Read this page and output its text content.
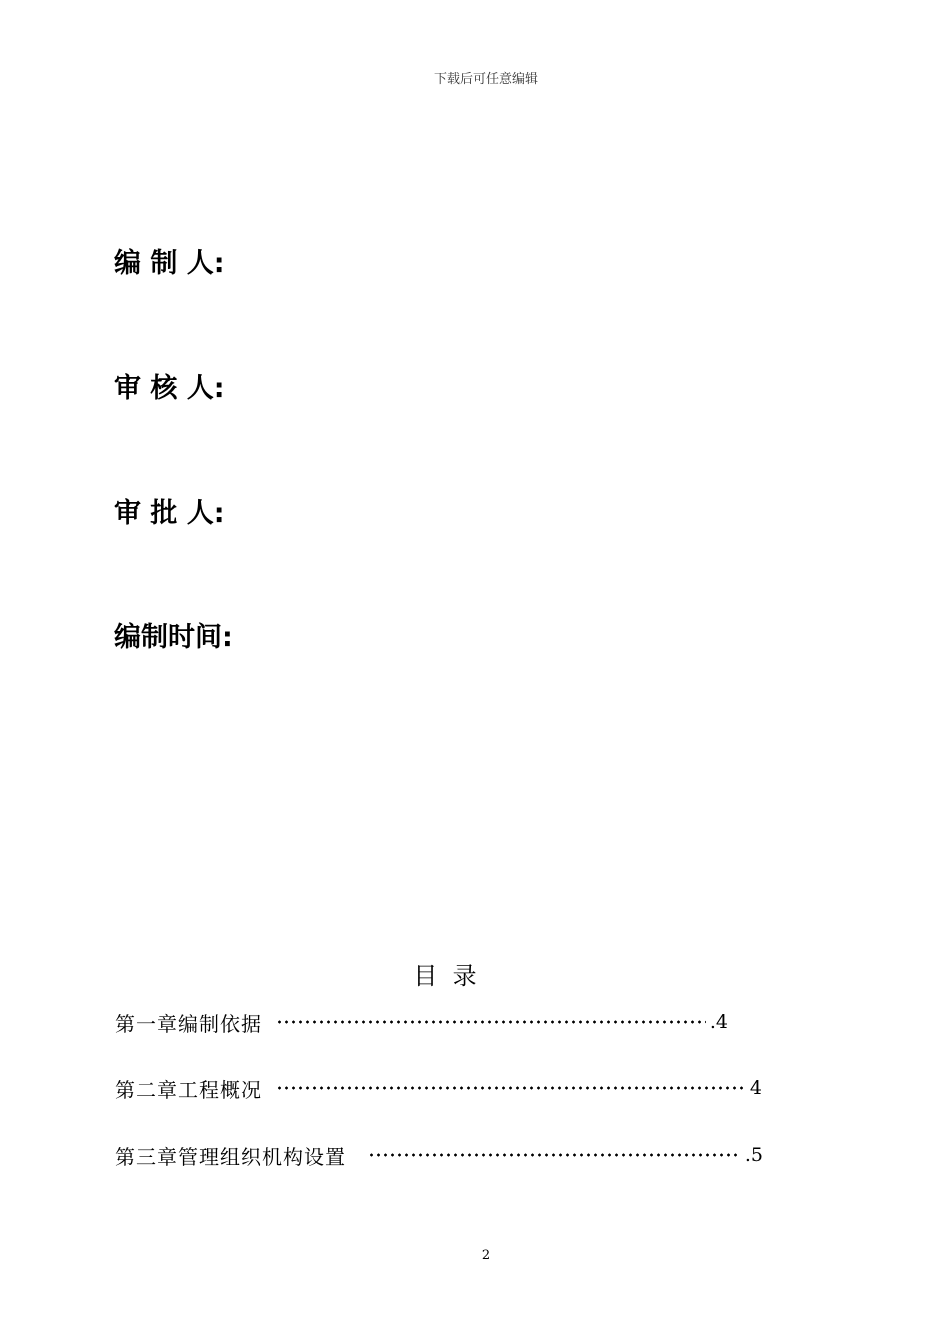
下载后可任意编辑
编 制 人:
审 核 人:
审 批 人:
编制时间:
目  录
第一章编制依据	.4
第二章工程概况	4
第三章管理组织机构设置	.5
2
